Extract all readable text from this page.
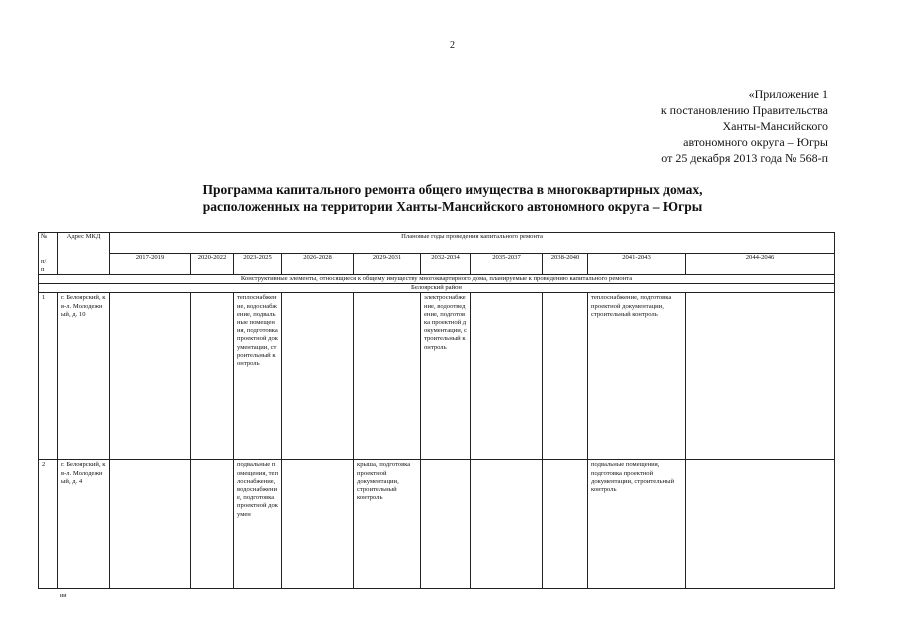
2
«Приложение 1
к постановлению Правительства
Ханты-Мансийского
автономного округа – Югры
от 25 декабря 2013 года № 568-п
Программа капитального ремонта общего имущества в многоквартирных домах,
расположенных на территории Ханты-Мансийского автономного округа – Югры
№

п/
п	Адрес МКД	Плановые годы проведения капитального ремонта									
		2017-2019	2020-2022	2023-2025	2026-2028	2029-2031	2032-2034	2035-2037	2038-2040	2041-2043	2044-2046
Конструктивные элементы, относящиеся к общему имуществу многоквартирного дома, планируемые к проведению капитального ремонта											
Белоярский район											
1	г. Белоярский, кв-л. Молодежный, д. 10			теплоснабжение, водоснабжение, подвальные помещения, подготовка проектной документации, строительный контроль			электроснабжение, водоотведение, подготовка проектной документации, строительный контроль			теплоснабжение, подготовка проектной документации, строительный контроль	
2	г. Белоярский, кв-л. Молодежный, д. 4			подвальные помещения, теплоснабжение, водоснабжение, подготовка проектной докумен		крыша, подготовка проектной документации, строительный контроль				подвальные помещения, подготовка проектной документации, строительный контроль	
ии
